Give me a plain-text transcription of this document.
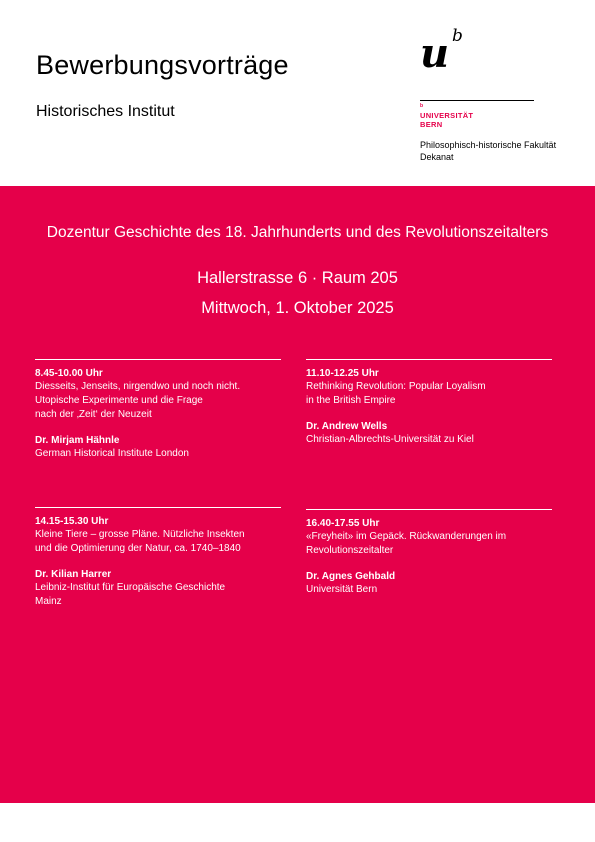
Bewerbungsvorträge
Historisches Institut
u b
b
UNIVERSITÄT
BERN
Philosophisch-historische Fakultät
Dekanat
Dozentur Geschichte des 18. Jahrhunderts und des Revolutionszeitalters
Hallerstrasse 6 · Raum 205
Mittwoch, 1. Oktober 2025
8.45-10.00 Uhr
Diesseits, Jenseits, nirgendwo und noch nicht.
Utopische Experimente und die Frage
nach der ‚Zeit‘ der Neuzeit
Dr. Mirjam Hähnle
German Historical Institute London
11.10-12.25 Uhr
Rethinking Revolution: Popular Loyalism
in the British Empire
Dr. Andrew Wells
Christian-Albrechts-Universität zu Kiel
14.15-15.30 Uhr
Kleine Tiere – grosse Pläne. Nützliche Insekten
und die Optimierung der Natur, ca. 1740–1840
Dr. Kilian Harrer
Leibniz-Institut für Europäische Geschichte
Mainz
16.40-17.55 Uhr
«Freyheit» im Gepäck. Rückwanderungen im
Revolutionszeitalter
Dr. Agnes Gehbald
Universität Bern
